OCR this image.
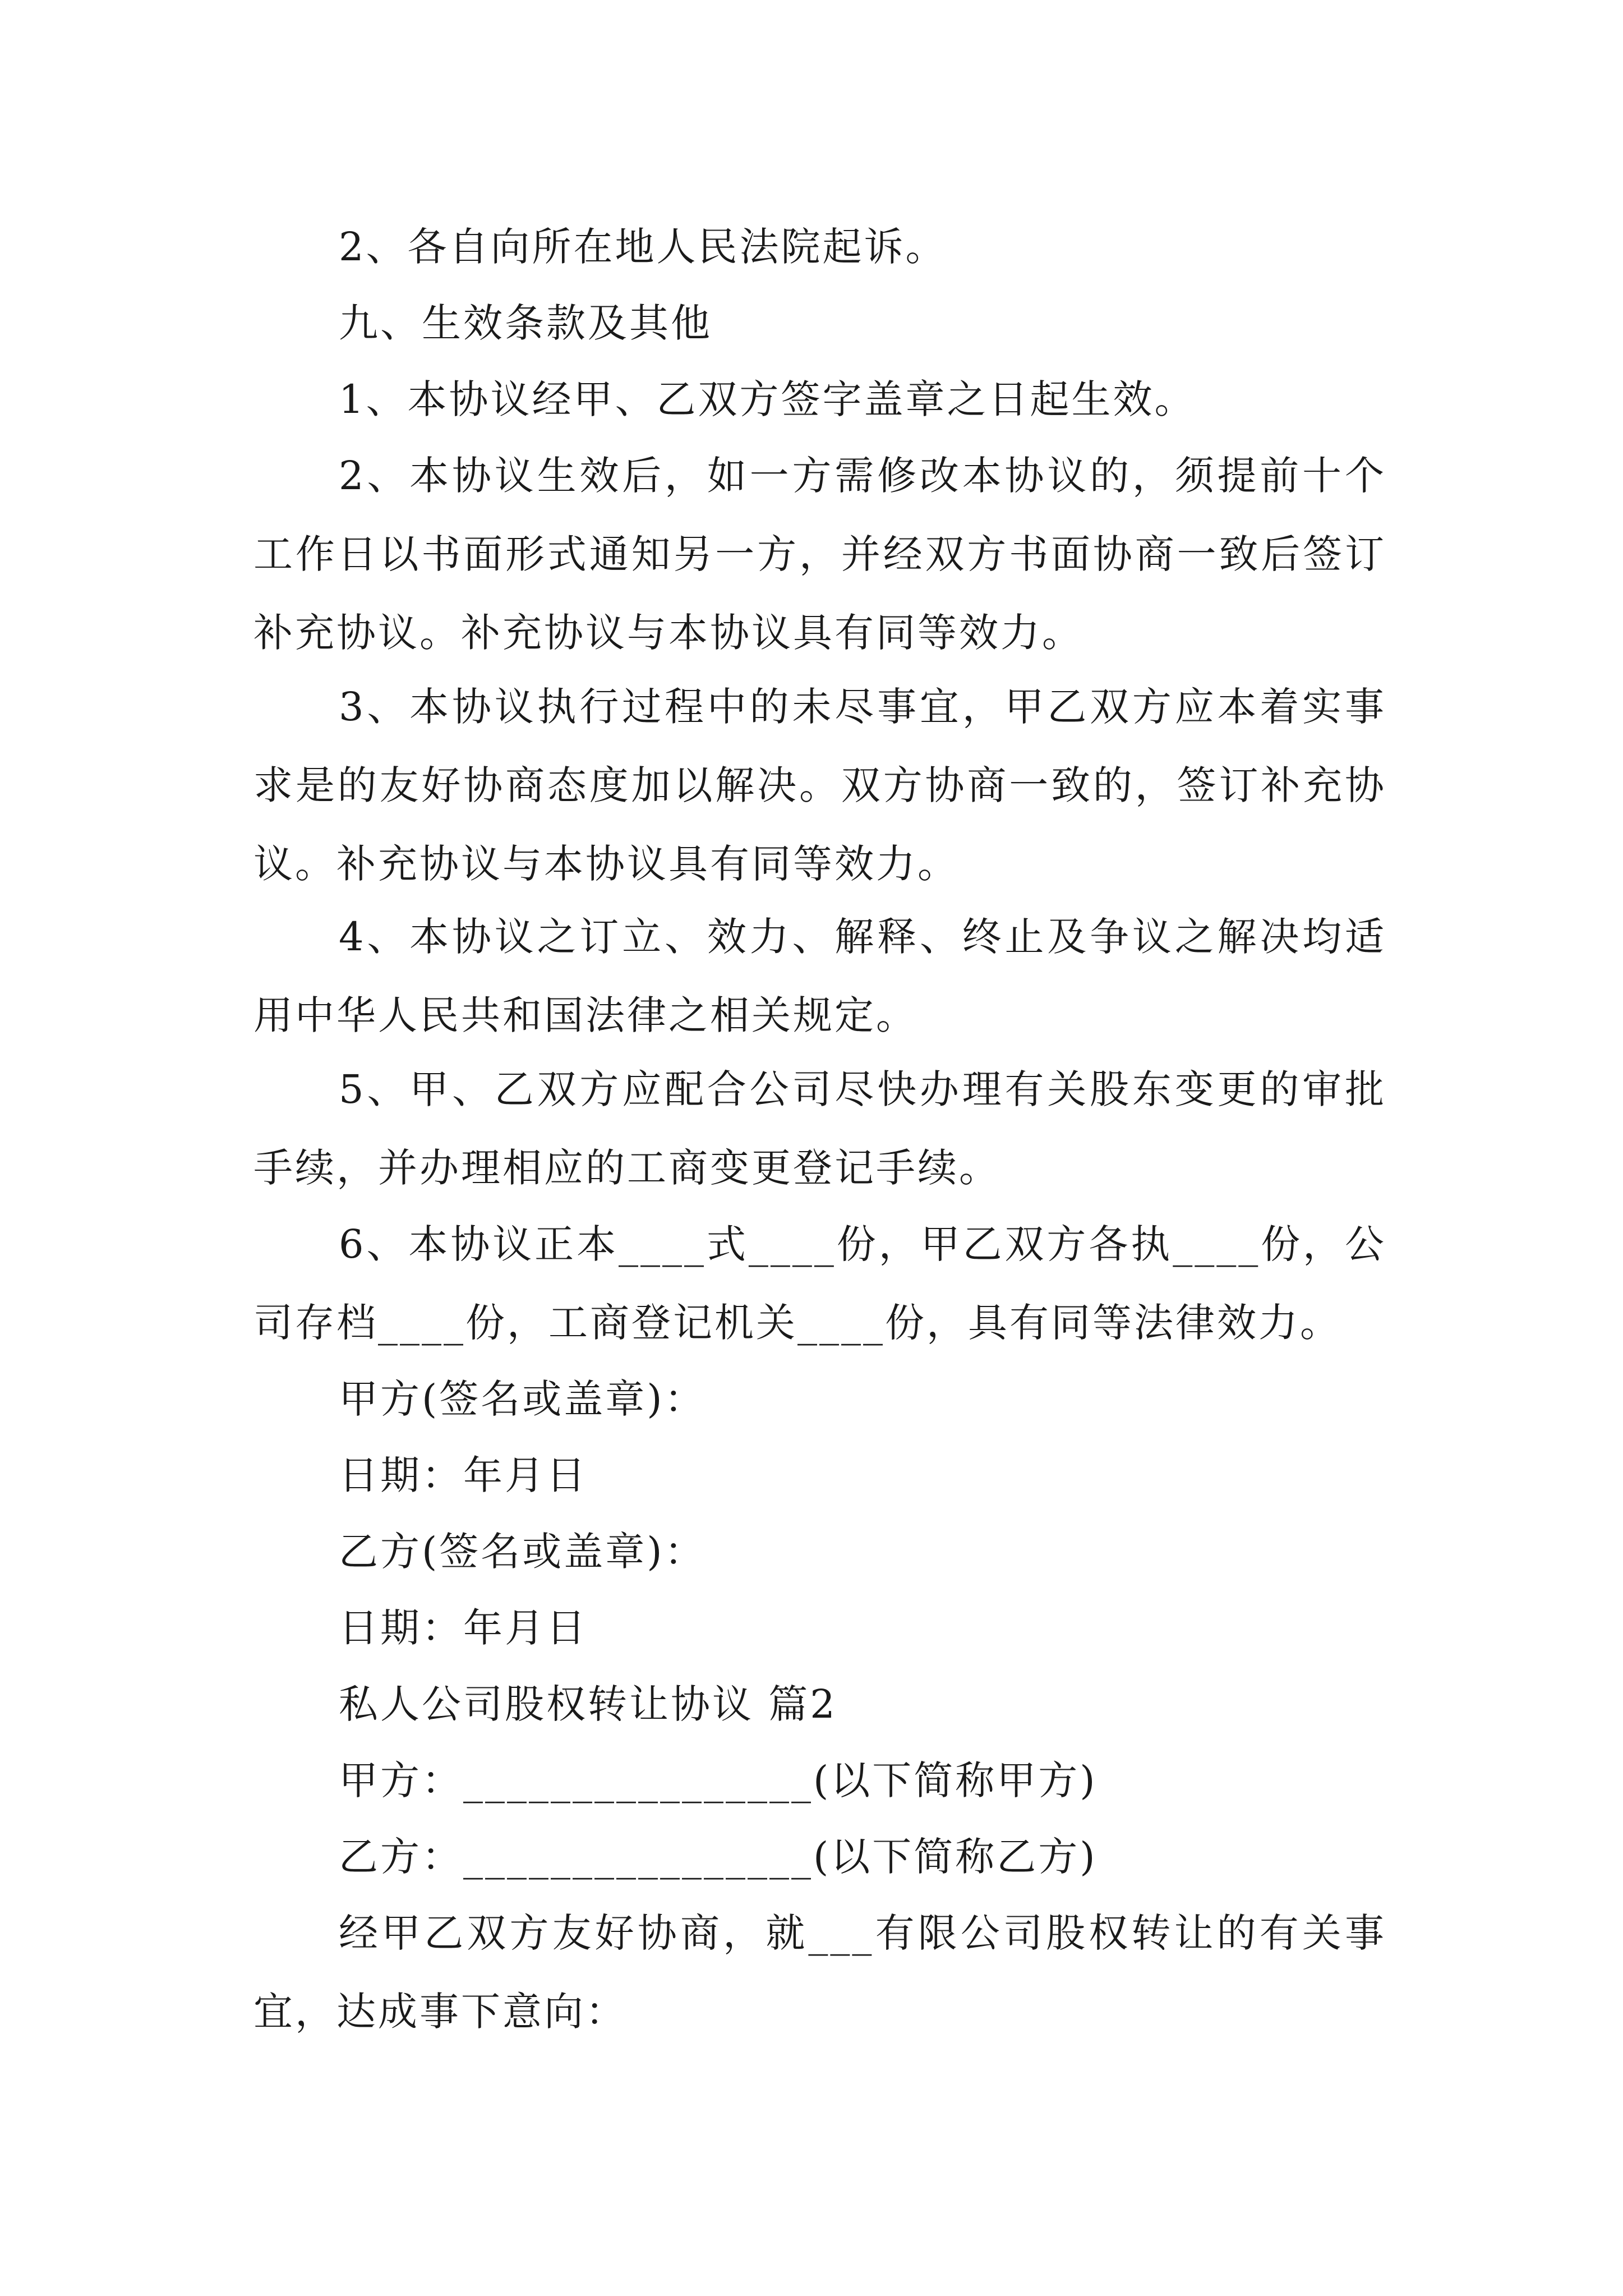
2、各自向所在地人民法院起诉。

九、生效条款及其他

1、本协议经甲、乙双方签字盖章之日起生效。

2、本协议生效后，如一方需修改本协议的，须提前十个工作日以书面形式通知另一方，并经双方书面协商一致后签订补充协议。补充协议与本协议具有同等效力。

3、本协议执行过程中的未尽事宜，甲乙双方应本着实事求是的友好协商态度加以解决。双方协商一致的，签订补充协议。补充协议与本协议具有同等效力。

4、本协议之订立、效力、解释、终止及争议之解决均适用中华人民共和国法律之相关规定。

5、甲、乙双方应配合公司尽快办理有关股东变更的审批手续，并办理相应的工商变更登记手续。

6、本协议正本____式____份，甲乙双方各执____份，公司存档____份，工商登记机关____份，具有同等法律效力。

甲方(签名或盖章)：

日期：年月日

乙方(签名或盖章)：

日期：年月日

私人公司股权转让协议 篇2

甲方：________________(以下简称甲方)

乙方：________________(以下简称乙方)

经甲乙双方友好协商，就___有限公司股权转让的有关事宜，达成事下意向：
